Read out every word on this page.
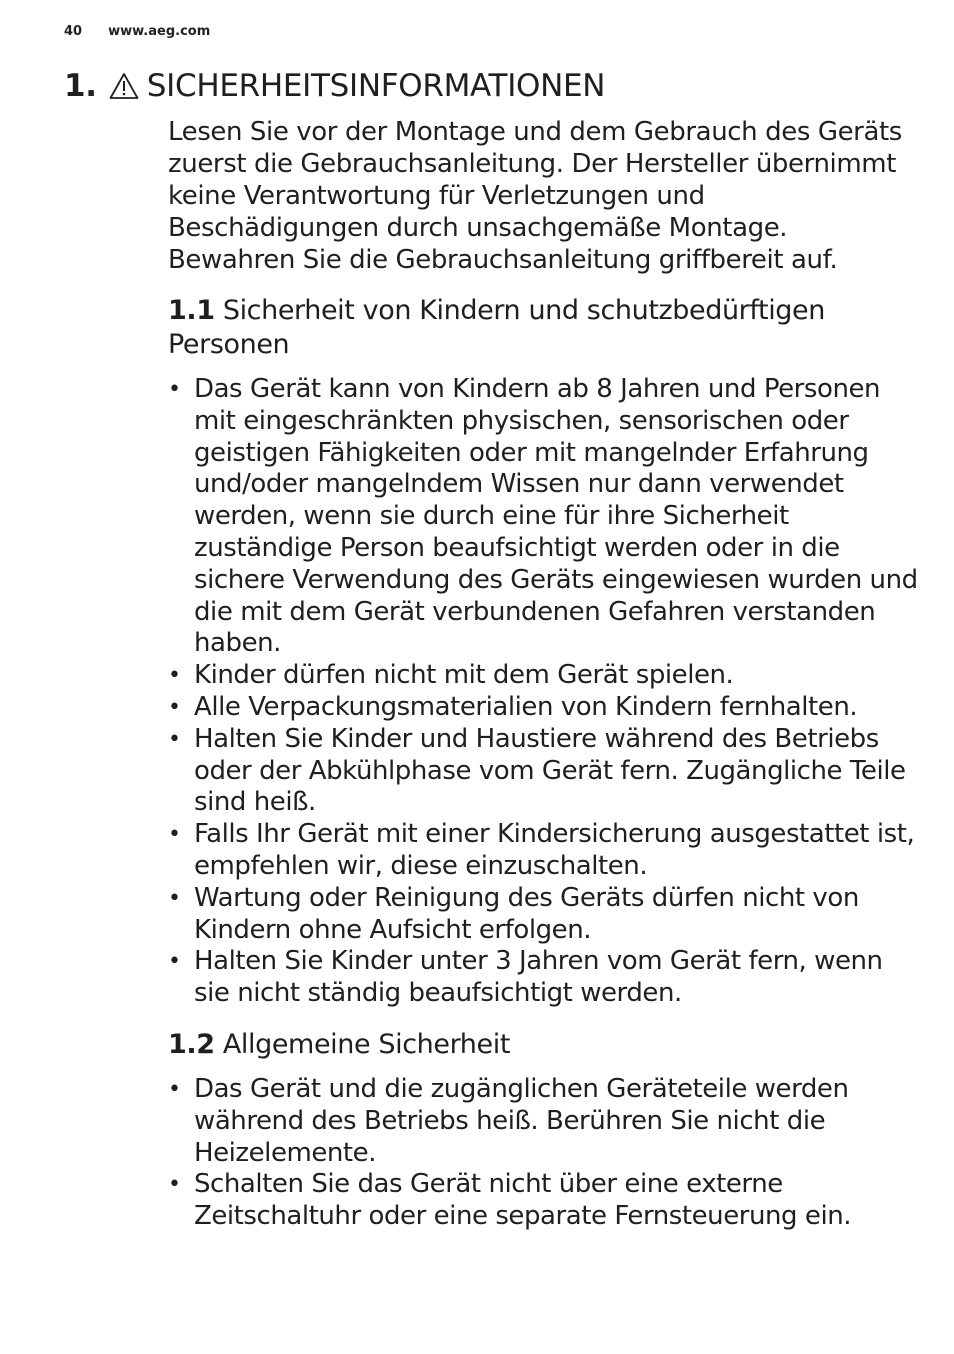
40 www.aeg.com
1. SICHERHEITSINFORMATIONEN

Lesen Sie vor der Montage und dem Gebrauch des Geräts zuerst die Gebrauchsanleitung. Der Hersteller übernimmt keine Verantwortung für Verletzungen und Beschädigungen durch unsachgemäße Montage. Bewahren Sie die Gebrauchsanleitung griffbereit auf.

1.1 Sicherheit von Kindern und schutzbedürftigen Personen
• Das Gerät kann von Kindern ab 8 Jahren und Personen mit eingeschränkten physischen, sensorischen oder geistigen Fähigkeiten oder mit mangelnder Erfahrung und/oder mangelndem Wissen nur dann verwendet werden, wenn sie durch eine für ihre Sicherheit zuständige Person beaufsichtigt werden oder in die sichere Verwendung des Geräts eingewiesen wurden und die mit dem Gerät verbundenen Gefahren verstanden haben.
• Kinder dürfen nicht mit dem Gerät spielen.
• Alle Verpackungsmaterialien von Kindern fernhalten.
• Halten Sie Kinder und Haustiere während des Betriebs oder der Abkühlphase vom Gerät fern. Zugängliche Teile sind heiß.
• Falls Ihr Gerät mit einer Kindersicherung ausgestattet ist, empfehlen wir, diese einzuschalten.
• Wartung oder Reinigung des Geräts dürfen nicht von Kindern ohne Aufsicht erfolgen.
• Halten Sie Kinder unter 3 Jahren vom Gerät fern, wenn sie nicht ständig beaufsichtigt werden.
1.2 Allgemeine Sicherheit
• Das Gerät und die zugänglichen Geräteteile werden während des Betriebs heiß. Berühren Sie nicht die Heizelemente.
• Schalten Sie das Gerät nicht über eine externe Zeitschaltuhr oder eine separate Fernsteuerung ein.
